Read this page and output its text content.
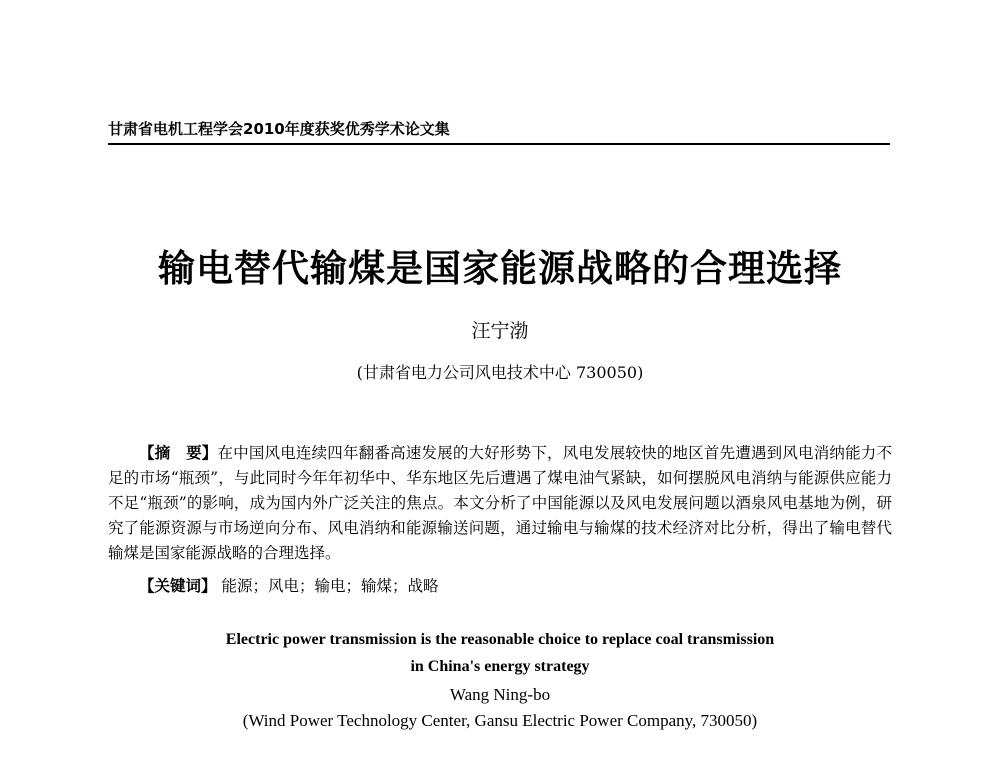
甘肃省电机工程学会2010年度获奖优秀学术论文集
输电替代输煤是国家能源战略的合理选择
汪宁渤
(甘肃省电力公司风电技术中心 730050)
【摘　要】在中国风电连续四年翻番高速发展的大好形势下，风电发展较快的地区首先遭遇到风电消纳能力不足的市场“瓶颈”，与此同时今年年初华中、华东地区先后遭遇了煤电油气紧缺，如何摆脱风电消纳与能源供应能力不足“瓶颈”的影响，成为国内外广泛关注的焦点。本文分析了中国能源以及风电发展问题以酒泉风电基地为例，研究了能源资源与市场逆向分布、风电消纳和能源输送问题，通过输电与输煤的技术经济对比分析，得出了输电替代输煤是国家能源战略的合理选择。
【关键词】 能源；风电；输电；输煤；战略
Electric power transmission is the reasonable choice to replace coal transmission
in China's energy strategy
Wang Ning-bo
(Wind Power Technology Center, Gansu Electric Power Company, 730050)
